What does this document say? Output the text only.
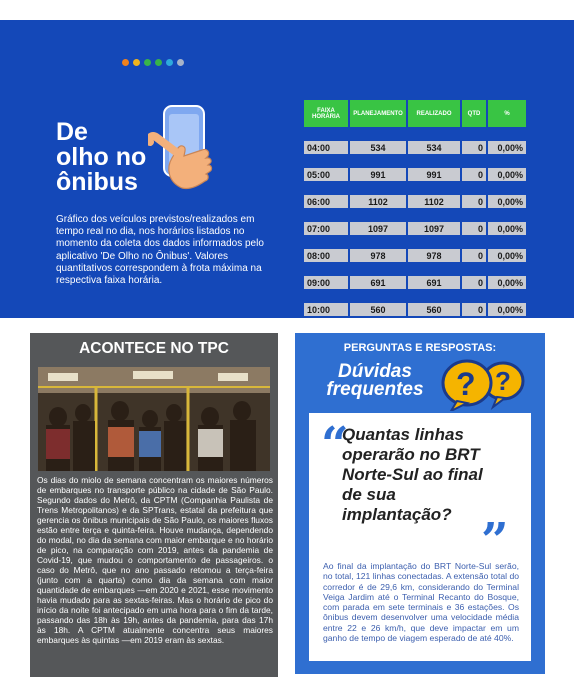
De
olho no
ônibus

Gráfico dos veículos previstos/realizados em tempo real no dia, nos horários listados no momento da coleta dos dados informados pelo aplicativo 'De Olho no Ônibus'. Valores quantitativos correspondem à frota máxima na respectiva faixa horária.

FAIXA HORÁRIA	PLANEJAMENTO	REALIZADO	QTD	%
04:00	534	534	0	0,00%
05:00	991	991	0	0,00%
06:00	1102	1102	0	0,00%
07:00	1097	1097	0	0,00%
08:00	978	978	0	0,00%
09:00	691	691	0	0,00%
10:00	560	560	0	0,00%
ACONTECE NO TPC

Os dias do miolo de semana concentram os maiores números de embarques no transporte público na cidade de São Paulo. Segundo dados do Metrô, da CPTM (Companhia Paulista de Trens Metropolitanos) e da SPTrans, estatal da prefeitura que gerencia os ônibus municipais de São Paulo, os maiores fluxos estão entre terça e quinta-feira. Houve mudança, dependendo do modal, no dia da semana com maior embarque e no horário de pico, na comparação com 2019, antes da pandemia de Covid-19, que mudou o comportamento de passageiros. o caso do Metrô, que no ano passado retomou a terça-feira (junto com a quarta) como dia da semana com maior quantidade de embarques —em 2020 e 2021, esse movimento havia mudado para as sextas-feiras. Mas o horário de pico do início da noite foi antecipado em uma hora para o fim da tarde, passando das 18h às 19h, antes da pandemia, para das 17h às 18h. A CPTM atualmente concentra seus maiores embarques às quintas —em 2019 eram às sextas.

PERGUNTAS E RESPOSTAS:
Dúvidas
frequentes	?
?
“

Quantas linhas operarão no BRT Norte-Sul ao final de sua implantação? ”

Ao final da implantação do BRT Norte-Sul serão, no total, 121 linhas conectadas. A extensão total do corredor é de 29,6 km, considerando do Terminal Veiga Jardim até o Terminal Recanto do Bosque, com parada em sete terminais e 36 estações. Os ônibus devem desenvolver uma velocidade média entre 22 e 26 km/h, que deve impactar em um ganho de tempo de viagem esperado de até 40%.
